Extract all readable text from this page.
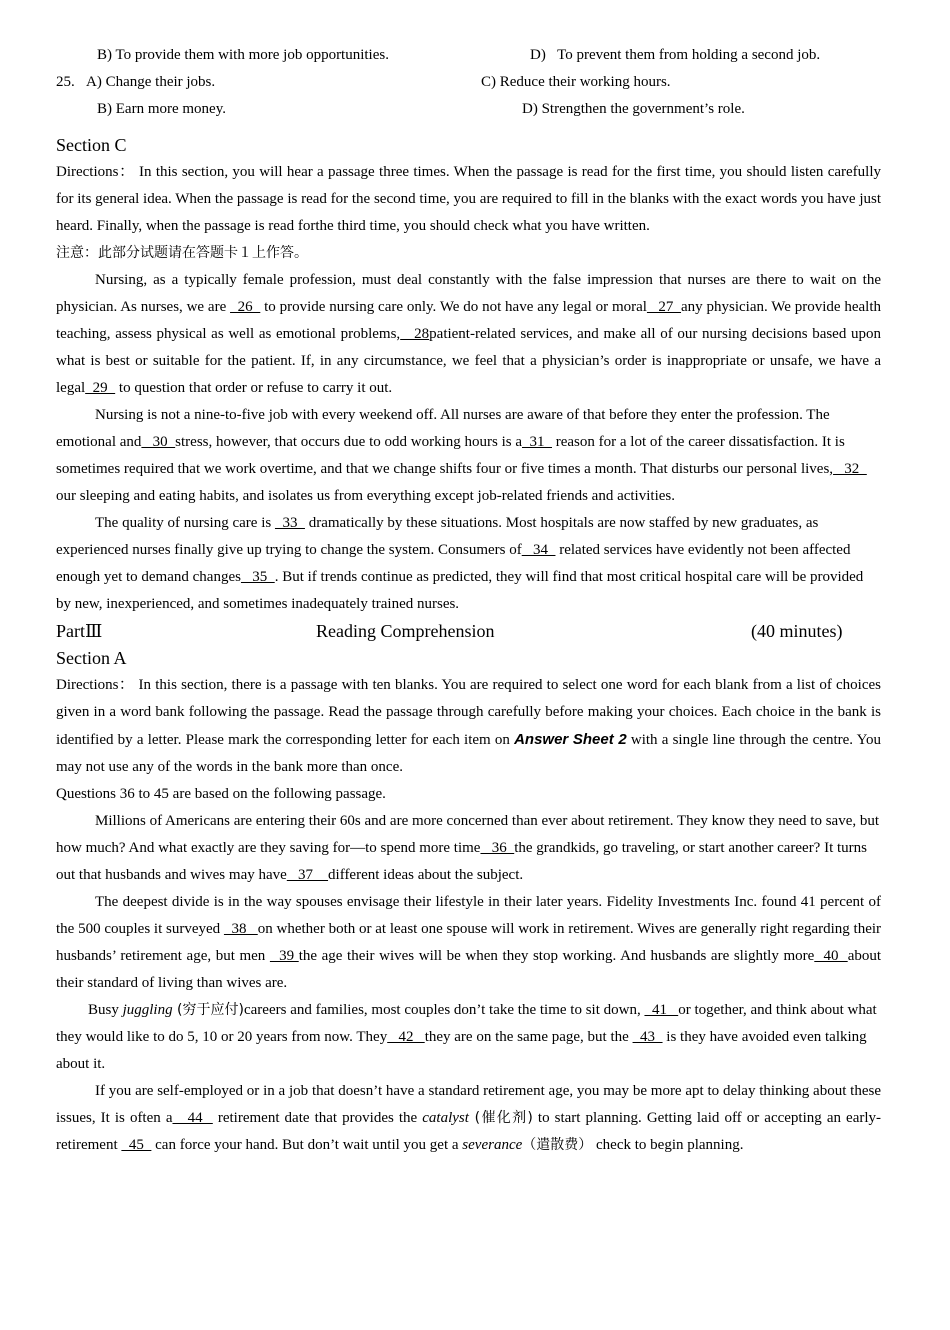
B) To provide them with more job opportunities.	D)   To prevent them from holding a second job.
25.   A) Change their jobs.	C) Reduce their working hours.
B) Earn more money.	D) Strengthen the government’s role.
Section C

Directions： In this section, you will hear a passage three times. When the passage is read for the first time, you should listen carefully for its general idea. When the passage is read for the second time, you are required to fill in the blanks with the exact words you have just heard. Finally, when the passage is read forthe third time, you should check what you have written.

注意：此部分试题请在答题卡１上作答。

Nursing, as a typically female profession, must deal constantly with the false impression that nurses are there to wait on the physician. As nurses, we are   26   to provide nursing care only. We do not have any legal or moral   27  any physician. We provide health teaching, assess physical as well as emotional problems,   28patient-related services, and make all of our nursing decisions based upon what is best or suitable for the patient. If, in any circumstance, we feel that a physician’s order is inappropriate or unsafe, we have a legal  29   to question that order or refuse to carry it out.

Nursing is not a nine-to-five job with every weekend off. All nurses are aware of that before they enter the profession. The emotional and   30  stress, however, that occurs due to odd working hours is a  31   reason for a lot of the career dissatisfaction. It is sometimes required that we work overtime, and that we change shifts four or five times a month. That disturbs our personal lives,   32   our sleeping and eating habits, and isolates us from everything except job-related friends and activities.

The quality of nursing care is   33   dramatically by these situations. Most hospitals are now staffed by new graduates, as experienced nurses finally give up trying to change the system. Consumers of   34   related services have evidently not been affected enough yet to demand changes   35  . But if trends continue as predicted, they will find that most critical hospital care will be provided by new, inexperienced, and sometimes inadequately trained nurses.

PartⅢ	Reading Comprehension	(40 minutes)
Section A

Directions： In this section, there is a passage with ten blanks. You are required to select one word for each blank from a list of choices given in a word bank following the passage. Read the passage through carefully before making your choices. Each choice in the bank is identified by a letter. Please mark the corresponding letter for each item on Answer Sheet 2 with a single line through the centre. You may not use any of the words in the bank more than once.

Questions 36 to 45 are based on the following passage.

Millions of Americans are entering their 60s and are more concerned than ever about retirement. They know they need to save, but how much? And what exactly are they saving for—to spend more time   36  the grandkids, go traveling, or start another career? It turns out that husbands and wives may have   37    different ideas about the subject.

The deepest divide is in the way spouses envisage their lifestyle in their later years. Fidelity Investments Inc. found 41 percent of the 500 couples it surveyed   38   on whether both or at least one spouse will work in retirement. Wives are generally right regarding their husbands’ retirement age, but men   39 the age their wives will be when they stop working. And husbands are slightly more  40  about their standard of living than wives are.

Busy juggling (穷于应付)careers and families, most couples don’t take the time to sit down,   41   or together, and think about what they would like to do 5, 10 or 20 years from now. They   42   they are on the same page, but the   43   is they have avoided even talking about it.

If you are self-employed or in a job that doesn’t have a standard retirement age, you may be more apt to delay thinking about these issues, It is often a   44   retirement date that provides the catalyst (催化剂) to start planning. Getting laid off or accepting an early-retirement   45   can force your hand. But don’t wait until you get a severance（遣散费） check to begin planning.
